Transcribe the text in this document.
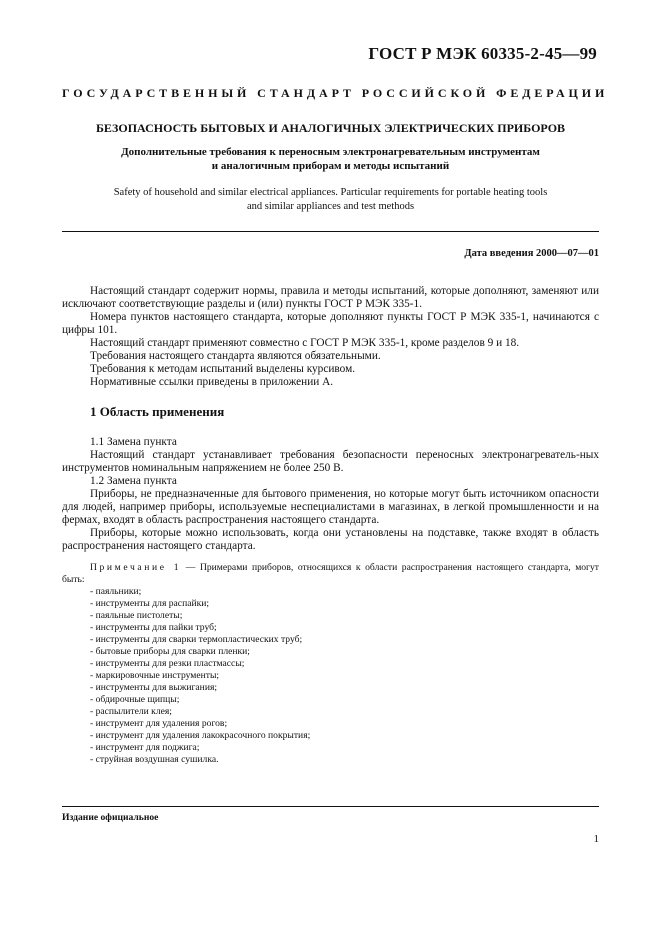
ГОСТ Р МЭК 60335-2-45—99
ГОСУДАРСТВЕННЫЙ СТАНДАРТ РОССИЙСКОЙ ФЕДЕРАЦИИ
БЕЗОПАСНОСТЬ БЫТОВЫХ И АНАЛОГИЧНЫХ ЭЛЕКТРИЧЕСКИХ ПРИБОРОВ
Дополнительные требования к переносным электронагревательным инструментам
и аналогичным приборам и методы испытаний
Safety of household and similar electrical appliances. Particular requirements for portable heating tools
and similar appliances and test methods
Дата введения 2000—07—01

Настоящий стандарт содержит нормы, правила и методы испытаний, которые дополняют, заменяют или исключают соответствующие разделы и (или) пункты ГОСТ Р МЭК 335-1.

Номера пунктов настоящего стандарта, которые дополняют пункты ГОСТ Р МЭК 335-1, начинаются с цифры 101.

Настоящий стандарт применяют совместно с ГОСТ Р МЭК 335-1, кроме разделов 9 и 18.

Требования настоящего стандарта являются обязательными.

Требования к методам испытаний выделены курсивом.

Нормативные ссылки приведены в приложении А.

1 Область применения

1.1 Замена пункта

Настоящий стандарт устанавливает требования безопасности переносных электронагреватель-ных инструментов номинальным напряжением не более 250 В.

1.2 Замена пункта

Приборы, не предназначенные для бытового применения, но которые могут быть источником опасности для людей, например приборы, используемые неспециалистами в магазинах, в легкой промышленности и на фермах, входят в область распространения настоящего стандарта.

Приборы, которые можно использовать, когда они установлены на подставке, также входят в область распространения настоящего стандарта.

Примечание 1 — Примерами приборов, относящихся к области распространения настоящего стандарта, могут быть:

- паяльники;
- инструменты для распайки;
- паяльные пистолеты;
- инструменты для пайки труб;
- инструменты для сварки термопластических труб;
- бытовые приборы для сварки пленки;
- инструменты для резки пластмассы;
- маркировочные инструменты;
- инструменты для выжигания;
- обдирочные щипцы;
- распылители клея;
- инструмент для удаления рогов;
- инструмент для удаления лакокрасочного покрытия;
- инструмент для поджига;
- струйная воздушная сушилка.
Издание официальное
1
